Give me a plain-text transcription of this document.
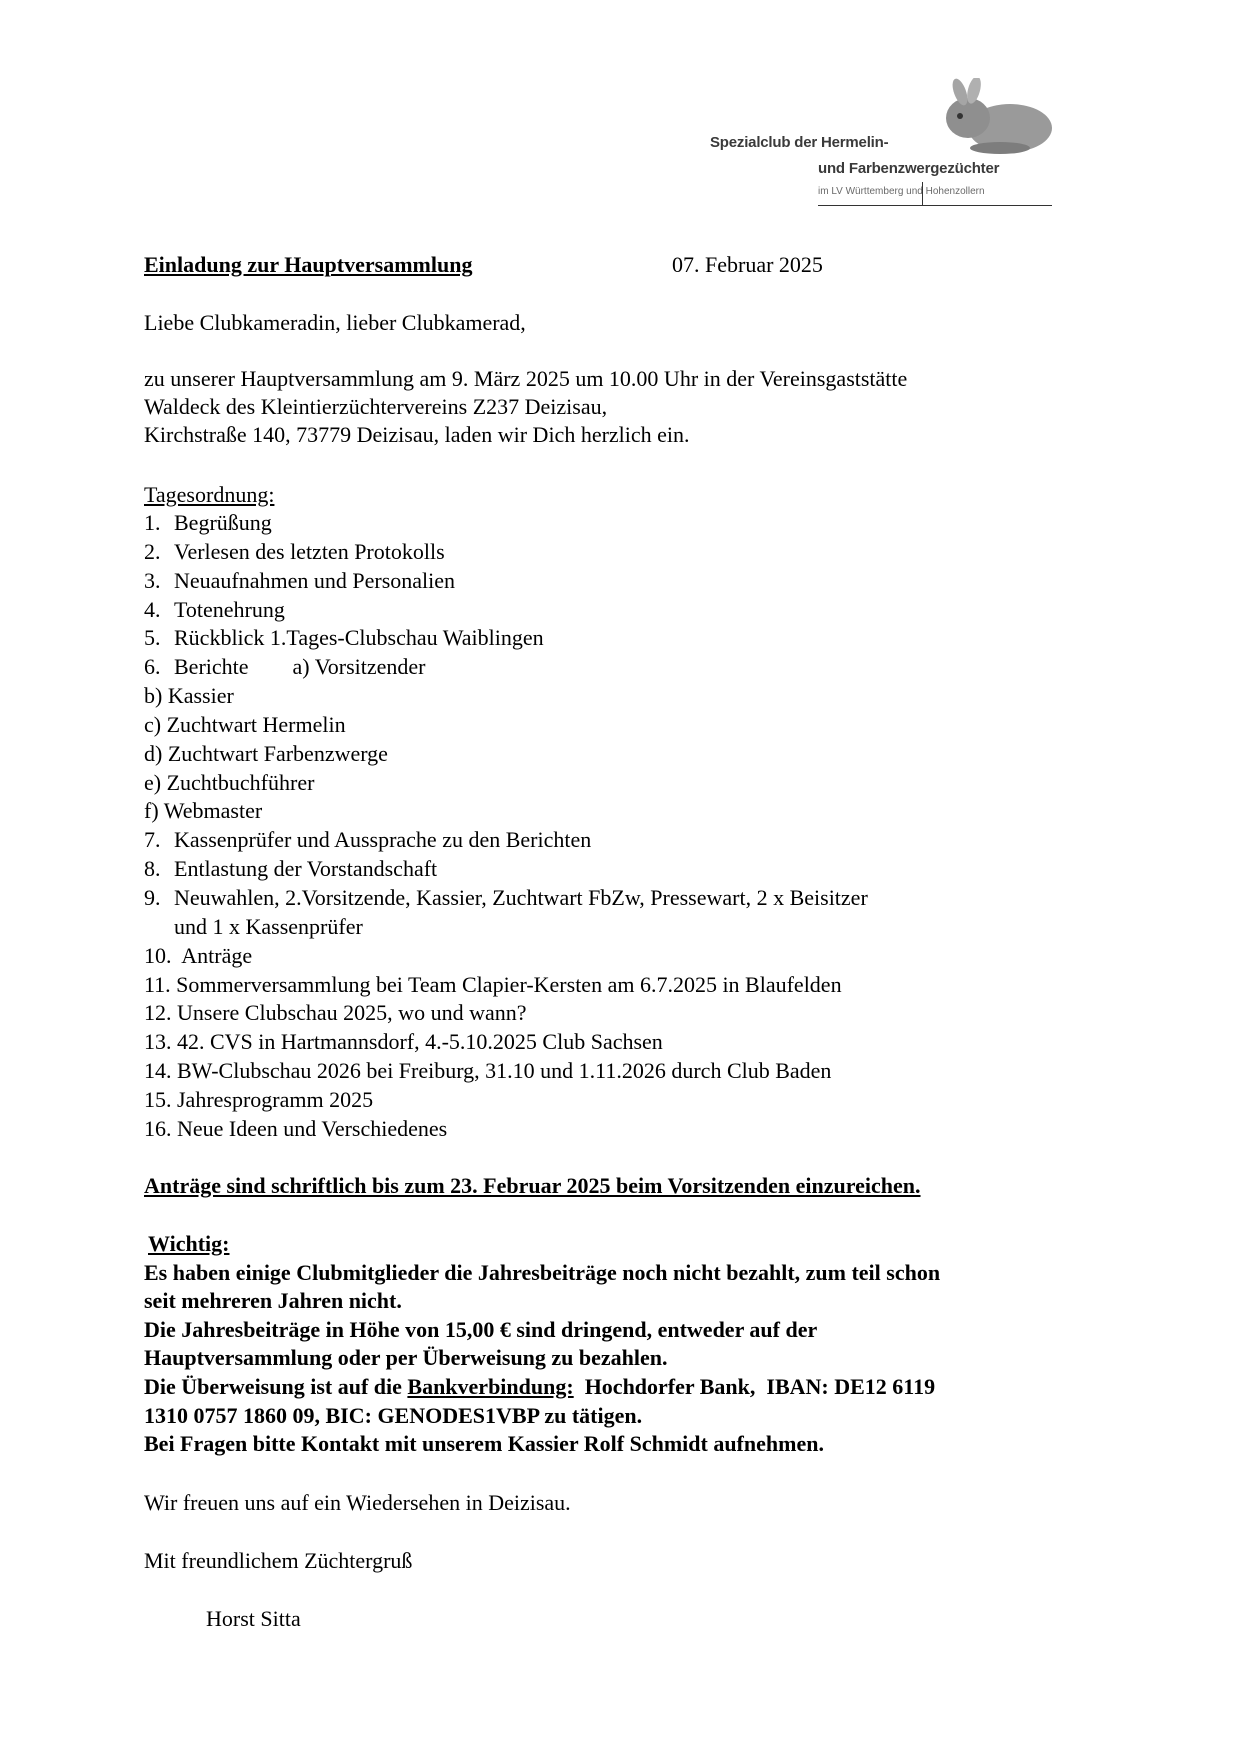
Spezialclub der Hermelin-
und Farbenzwergezüchter
im LV Württemberg und Hohenzollern
Einladung zur Hauptversammlung	07. Februar 2025
Liebe Clubkameradin, lieber Clubkamerad,
zu unserer Hauptversammlung am 9. März 2025 um 10.00 Uhr in der Vereinsgaststätte
Waldeck des Kleintierzüchtervereins Z237 Deizisau,
Kirchstraße 140, 73779 Deizisau, laden wir Dich herzlich ein.
Tagesordnung:
1. Begrüßung
2. Verlesen des letzten Protokolls
3. Neuaufnahmen und Personalien
4. Totenehrung
5. Rückblick 1.Tages-Clubschau Waiblingen
6. Berichte a) Vorsitzender
b) Kassier
c) Zuchtwart Hermelin
d) Zuchtwart Farbenzwerge
e) Zuchtbuchführer
f) Webmaster
7. Kassenprüfer und Aussprache zu den Berichten
8. Entlastung der Vorstandschaft
9. Neuwahlen, 2.Vorsitzende, Kassier, Zuchtwart FbZw, Pressewart, 2 x Beisitzer
und 1 x Kassenprüfer
10.  Anträge
11. Sommerversammlung bei Team Clapier-Kersten am 6.7.2025 in Blaufelden
12. Unsere Clubschau 2025, wo und wann?
13. 42. CVS in Hartmannsdorf, 4.-5.10.2025 Club Sachsen
14. BW-Clubschau 2026 bei Freiburg, 31.10 und 1.11.2026 durch Club Baden
15. Jahresprogramm 2025
16. Neue Ideen und Verschiedenes
Anträge sind schriftlich bis zum 23. Februar 2025 beim Vorsitzenden einzureichen.
Wichtig:
Es haben einige Clubmitglieder die Jahresbeiträge noch nicht bezahlt, zum teil schon
seit mehreren Jahren nicht.
Die Jahresbeiträge in Höhe von 15,00 € sind dringend, entweder auf der
Hauptversammlung oder per Überweisung zu bezahlen.
Die Überweisung ist auf die Bankverbindung:  Hochdorfer Bank,  IBAN: DE12 6119
1310 0757 1860 09, BIC: GENODES1VBP zu tätigen.
Bei Fragen bitte Kontakt mit unserem Kassier Rolf Schmidt aufnehmen.
Wir freuen uns auf ein Wiedersehen in Deizisau.
Mit freundlichem Züchtergruß
Horst Sitta
